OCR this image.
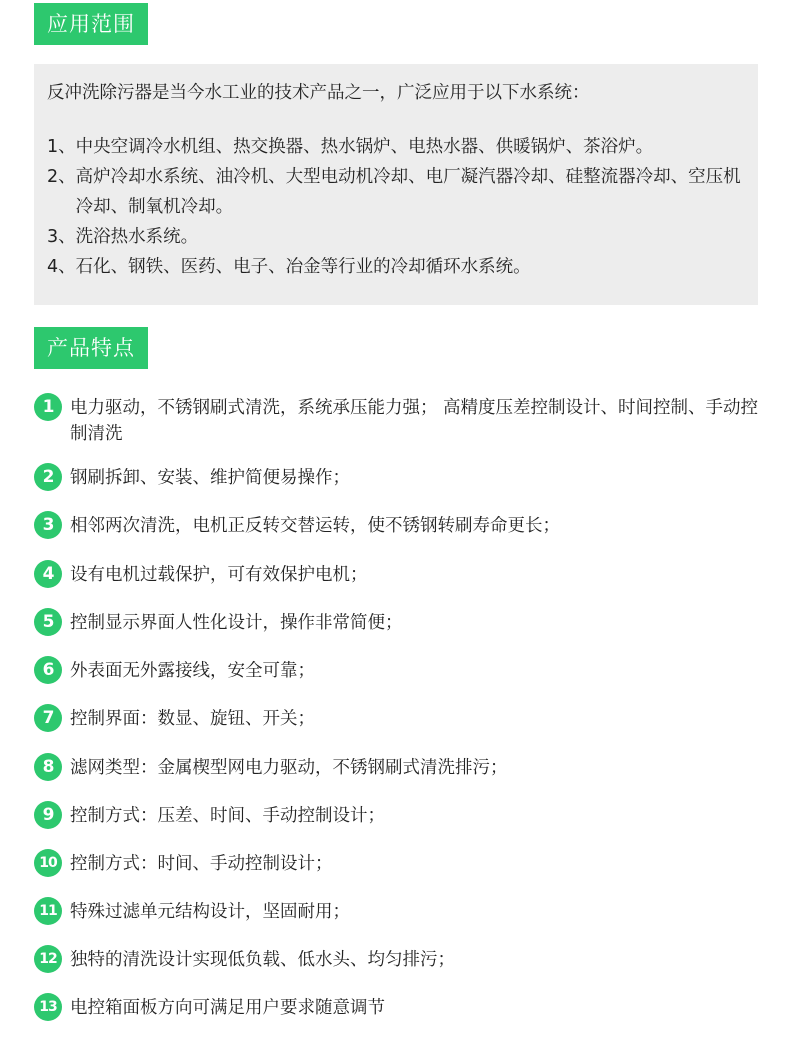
应用范围
反冲洗除污器是当今水工业的技术产品之一，广泛应用于以下水系统：
1、 中央空调冷水机组、热交换器、热水锅炉、电热水器、供暖锅炉、茶浴炉。
2、 高炉冷却水系统、油冷机、大型电动机冷却、电厂凝汽器冷却、硅整流器冷却、空压机冷却、制氧机冷却。
3、 洗浴热水系统。
4、 石化、钢铁、医药、电子、冶金等行业的冷却循环水系统。
产品特点
1 电力驱动，不锈钢刷式清洗，系统承压能力强； 高精度压差控制设计、时间控制、手动控制清洗
2 钢刷拆卸、安装、维护简便易操作；
3 相邻两次清洗，电机正反转交替运转，使不锈钢转刷寿命更长；
4 设有电机过载保护，可有效保护电机；
5 控制显示界面人性化设计，操作非常简便；
6 外表面无外露接线，安全可靠；
7 控制界面：数显、旋钮、开关；
8 滤网类型：金属楔型网电力驱动，不锈钢刷式清洗排污；
9 控制方式：压差、时间、手动控制设计；
10 控制方式：时间、手动控制设计；
11 特殊过滤单元结构设计，坚固耐用；
12 独特的清洗设计实现低负载、低水头、均匀排污；
13 电控箱面板方向可满足用户要求随意调节
